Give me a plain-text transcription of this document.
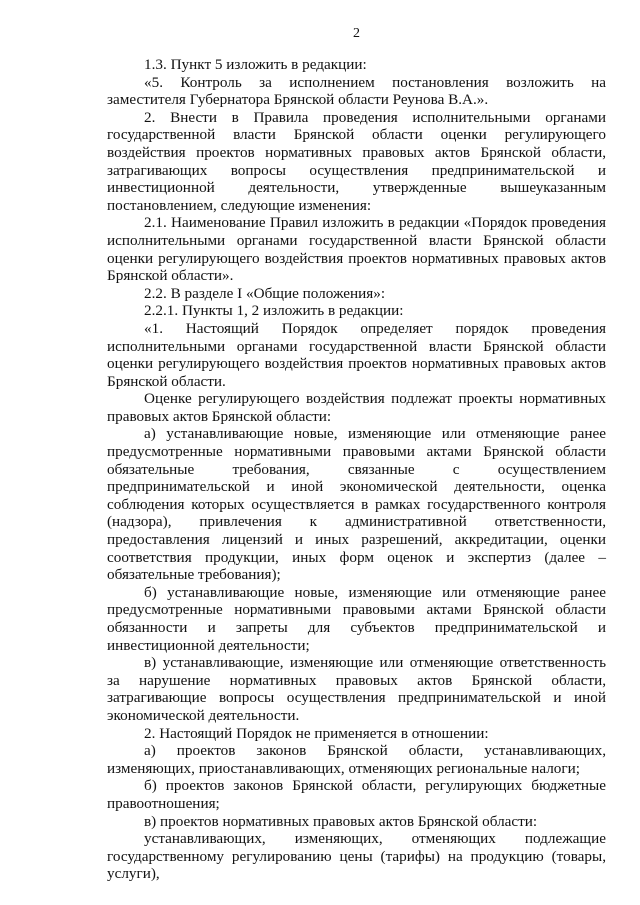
2

1.3. Пункт 5 изложить в редакции:

«5. Контроль за исполнением постановления возложить на заместителя Губернатора Брянской области Реунова В.А.».

2. Внести в Правила проведения исполнительными органами государственной власти Брянской области оценки регулирующего воздействия проектов нормативных правовых актов Брянской области, затрагивающих вопросы осуществления предпринимательской и инвестиционной деятельности, утвержденные вышеуказанным постановлением, следующие изменения:

2.1. Наименование Правил изложить в редакции «Порядок проведения исполнительными органами государственной власти Брянской области оценки регулирующего воздействия проектов нормативных правовых актов Брянской области».

2.2. В разделе I «Общие положения»:

2.2.1. Пункты 1, 2 изложить в редакции:

«1. Настоящий Порядок определяет порядок проведения исполнительными органами государственной власти Брянской области оценки регулирующего воздействия проектов нормативных правовых актов Брянской области.

Оценке регулирующего воздействия подлежат проекты нормативных правовых актов Брянской области:

а) устанавливающие новые, изменяющие или отменяющие ранее предусмотренные нормативными правовыми актами Брянской области обязательные требования, связанные с осуществлением предпринимательской и иной экономической деятельности, оценка соблюдения которых осуществляется в рамках государственного контроля (надзора), привлечения к административной ответственности, предоставления лицензий и иных разрешений, аккредитации, оценки соответствия продукции, иных форм оценок и экспертиз (далее – обязательные требования);

б) устанавливающие новые, изменяющие или отменяющие ранее предусмотренные нормативными правовыми актами Брянской области обязанности и запреты для субъектов предпринимательской и инвестиционной деятельности;

в) устанавливающие, изменяющие или отменяющие ответственность за нарушение нормативных правовых актов Брянской области, затрагивающие вопросы осуществления предпринимательской и иной экономической деятельности.

2. Настоящий Порядок не применяется в отношении:

а) проектов законов Брянской области, устанавливающих, изменяющих, приостанавливающих, отменяющих региональные налоги;

б) проектов законов Брянской области, регулирующих бюджетные правоотношения;

в) проектов нормативных правовых актов Брянской области:

устанавливающих, изменяющих, отменяющих подлежащие государственному регулированию цены (тарифы) на продукцию (товары, услуги),
